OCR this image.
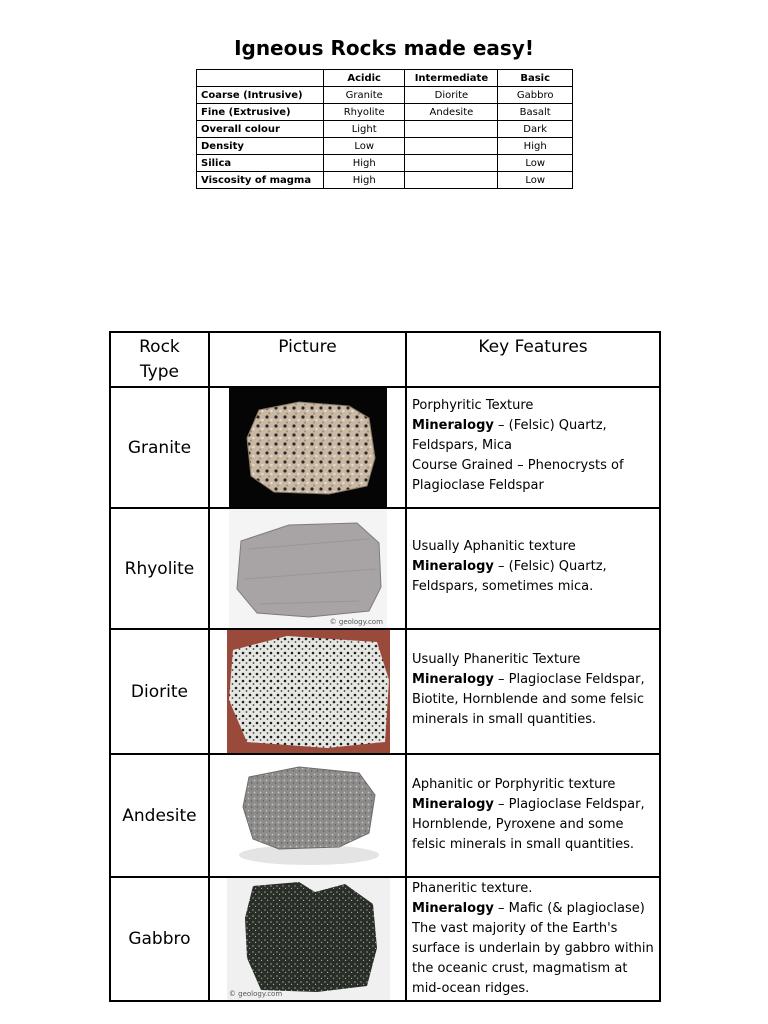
Igneous Rocks made easy!
	Acidic	Intermediate	Basic
Coarse (Intrusive)	Granite	Diorite	Gabbro
Fine (Extrusive)	Rhyolite	Andesite	Basalt
Overall colour	Light		Dark
Density	Low		High
Silica	High		Low
Viscosity of magma	High		Low
Rock Type	Picture	Key Features
Granite		Porphyritic Texture
Mineralogy – (Felsic) Quartz, Feldspars, Mica
Course Grained – Phenocrysts of Plagioclase Feldspar

Rhyolite	© geology.com	Usually Aphanitic texture
Mineralogy – (Felsic) Quartz, Feldspars, sometimes mica.

Diorite		Usually Phaneritic Texture
Mineralogy – Plagioclase Feldspar, Biotite, Hornblende and some felsic minerals in small quantities.

Andesite		Aphanitic or Porphyritic texture
Mineralogy – Plagioclase Feldspar, Hornblende, Pyroxene and some felsic minerals in small quantities.

Gabbro	© geology.com	Phaneritic texture.
Mineralogy – Mafic (& plagioclase)
The vast majority of the Earth's surface is underlain by gabbro within the oceanic crust, magmatism at mid-ocean ridges.
